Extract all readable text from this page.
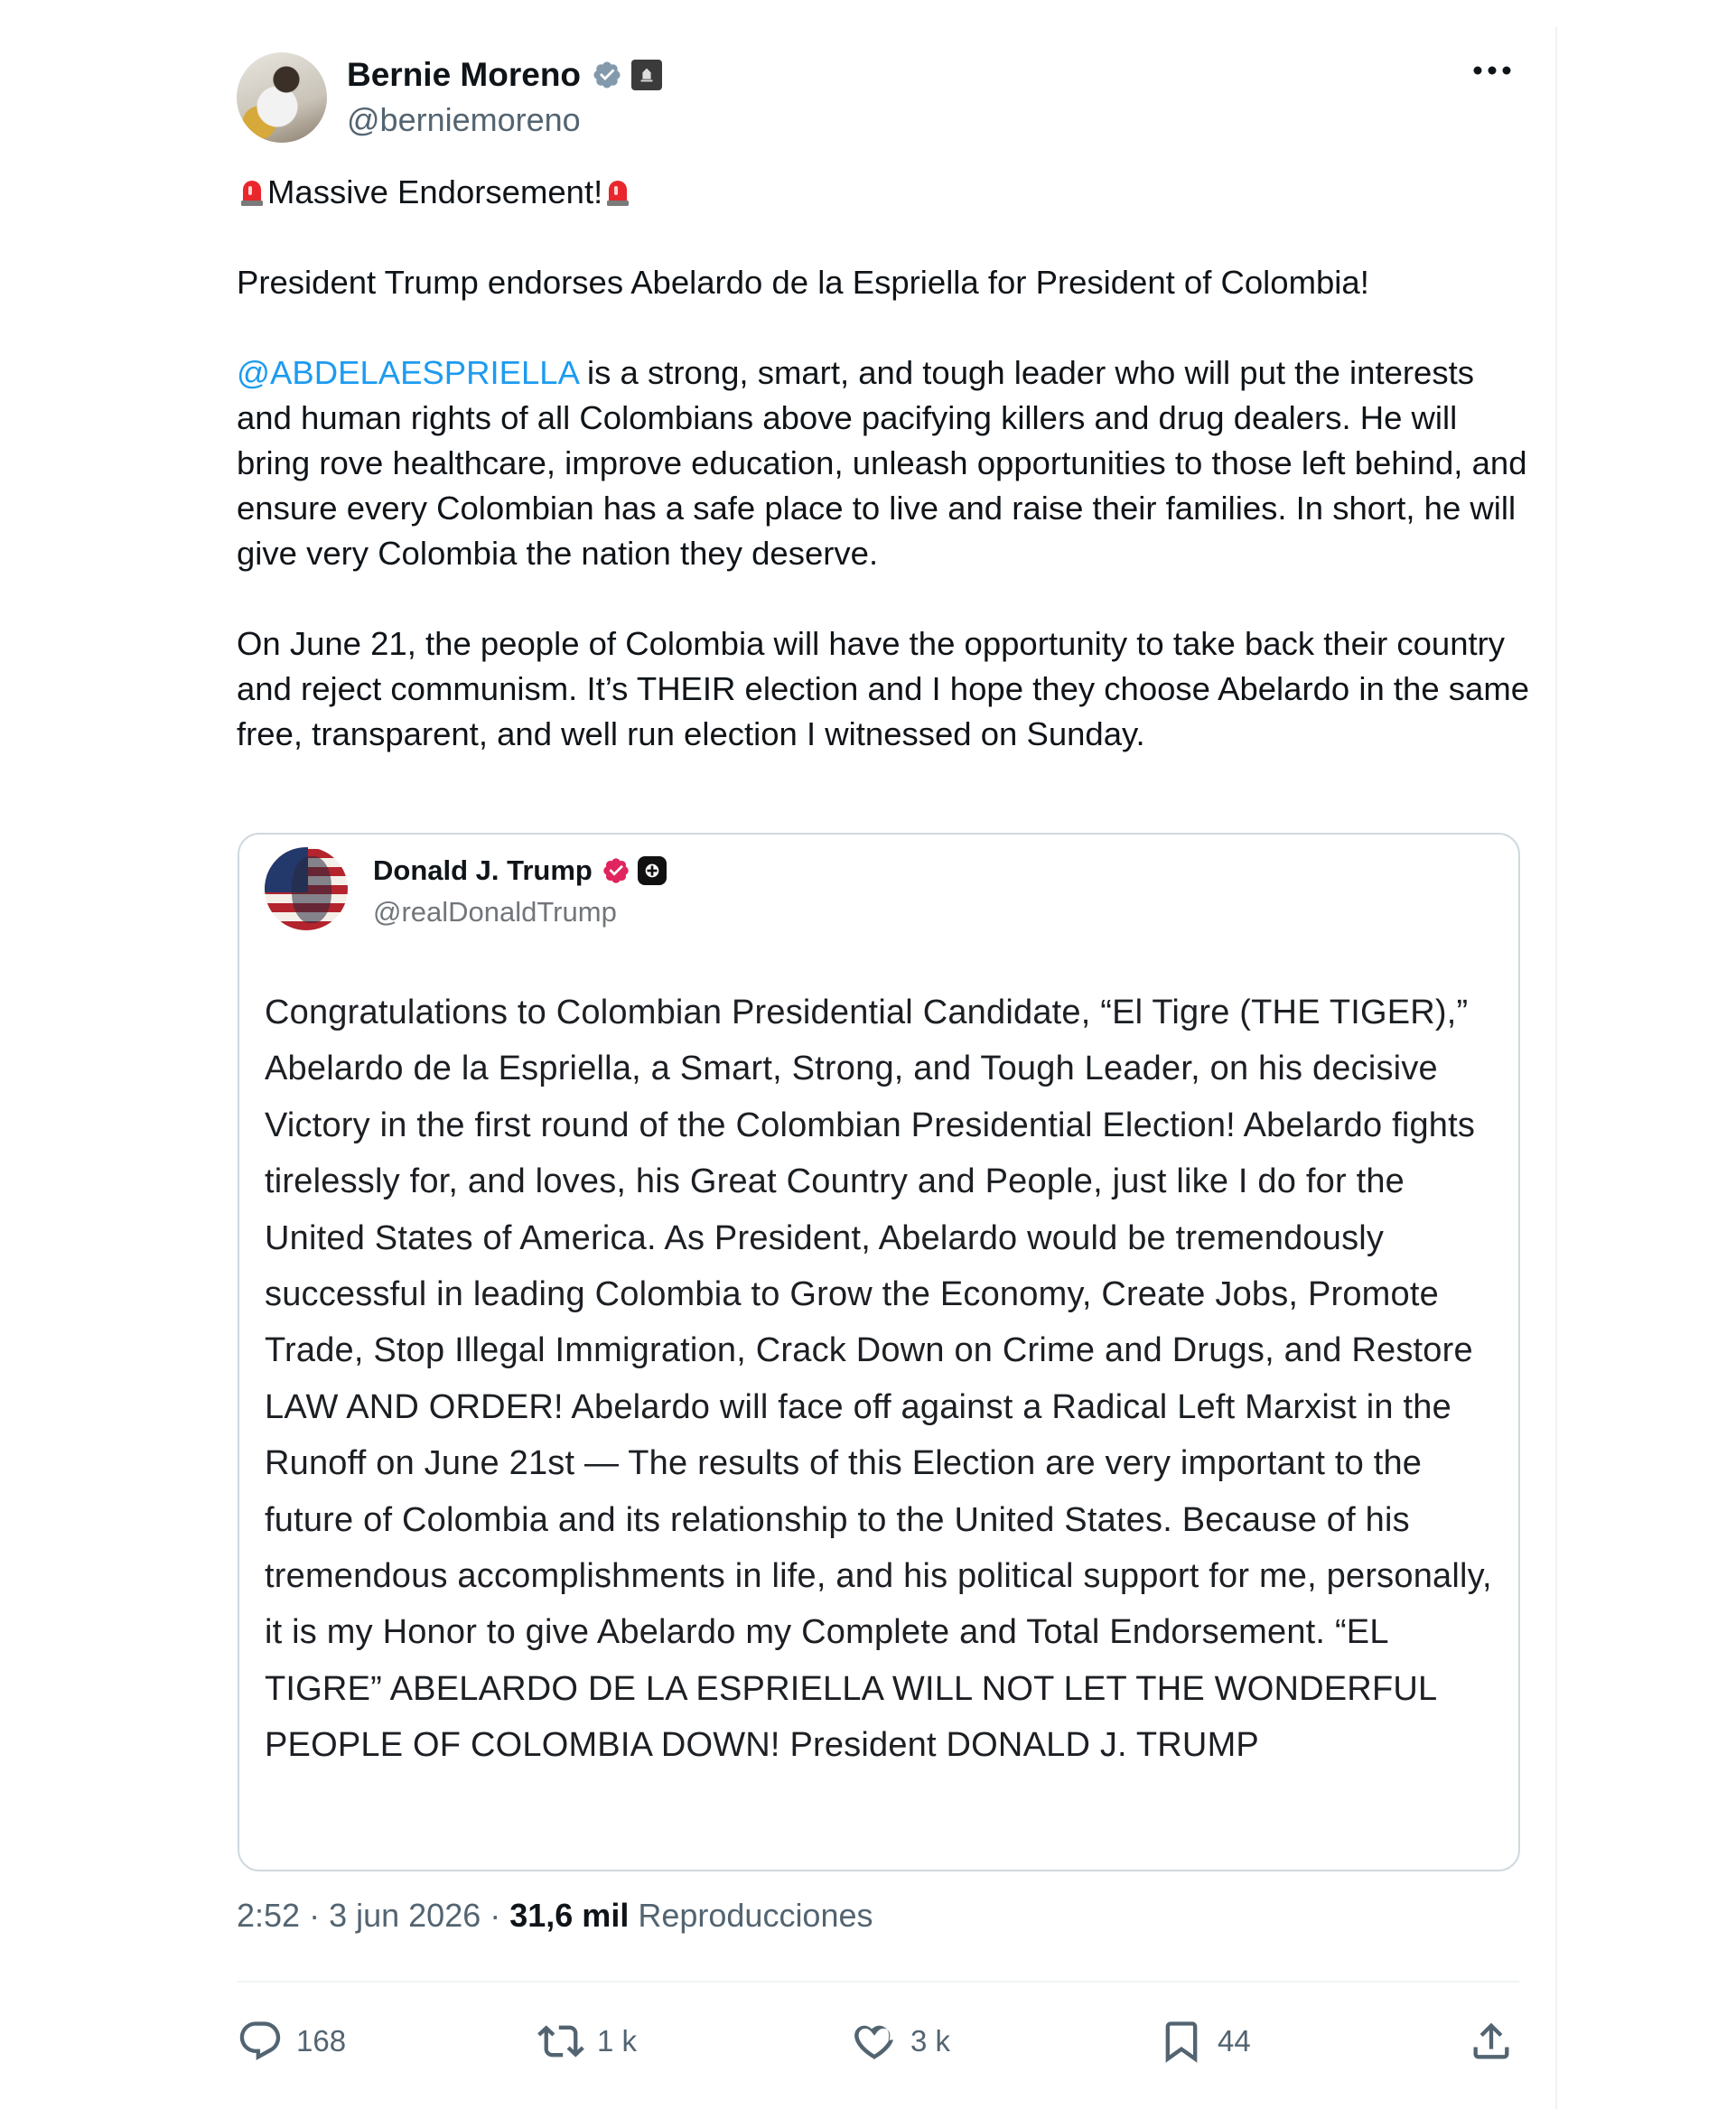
Bernie Moreno
@berniemoreno

Massive Endorsement!

President Trump endorses Abelardo de la Espriella for President of Colombia!

@ABDELAESPRIELLA is a strong, smart, and tough leader who will put the interests and human rights of all Colombians above pacifying killers and drug dealers. He will bring rove healthcare, improve education, unleash opportunities to those left behind, and ensure every Colombian has a safe place to live and raise their families. In short, he will give very Colombia the nation they deserve.

On June 21, the people of Colombia will have the opportunity to take back their country and reject communism. It’s THEIR election and I hope they choose Abelardo in the same free, transparent, and well run election I witnessed on Sunday.

Donald J. Trump
@realDonaldTrump
Congratulations to Colombian Presidential Candidate, “El Tigre (THE TIGER),” Abelardo de la Espriella, a Smart, Strong, and Tough Leader, on his decisive Victory in the first round of the Colombian Presidential Election! Abelardo fights tirelessly for, and loves, his Great Country and People, just like I do for the United States of America. As President, Abelardo would be tremendously successful in leading Colombia to Grow the Economy, Create Jobs, Promote Trade, Stop Illegal Immigration, Crack Down on Crime and Drugs, and Restore LAW AND ORDER! Abelardo will face off against a Radical Left Marxist in the Runoff on June 21st — The results of this Election are very important to the future of Colombia and its relationship to the United States. Because of his tremendous accomplishments in life, and his political support for me, personally, it is my Honor to give Abelardo my Complete and Total Endorsement. “EL TIGRE” ABELARDO DE LA ESPRIELLA WILL NOT LET THE WONDERFUL PEOPLE OF COLOMBIA DOWN! President DONALD J. TRUMP
2:52 · 3 jun 2026 · 31,6 mil Reproducciones
168	1 k	3 k	44
